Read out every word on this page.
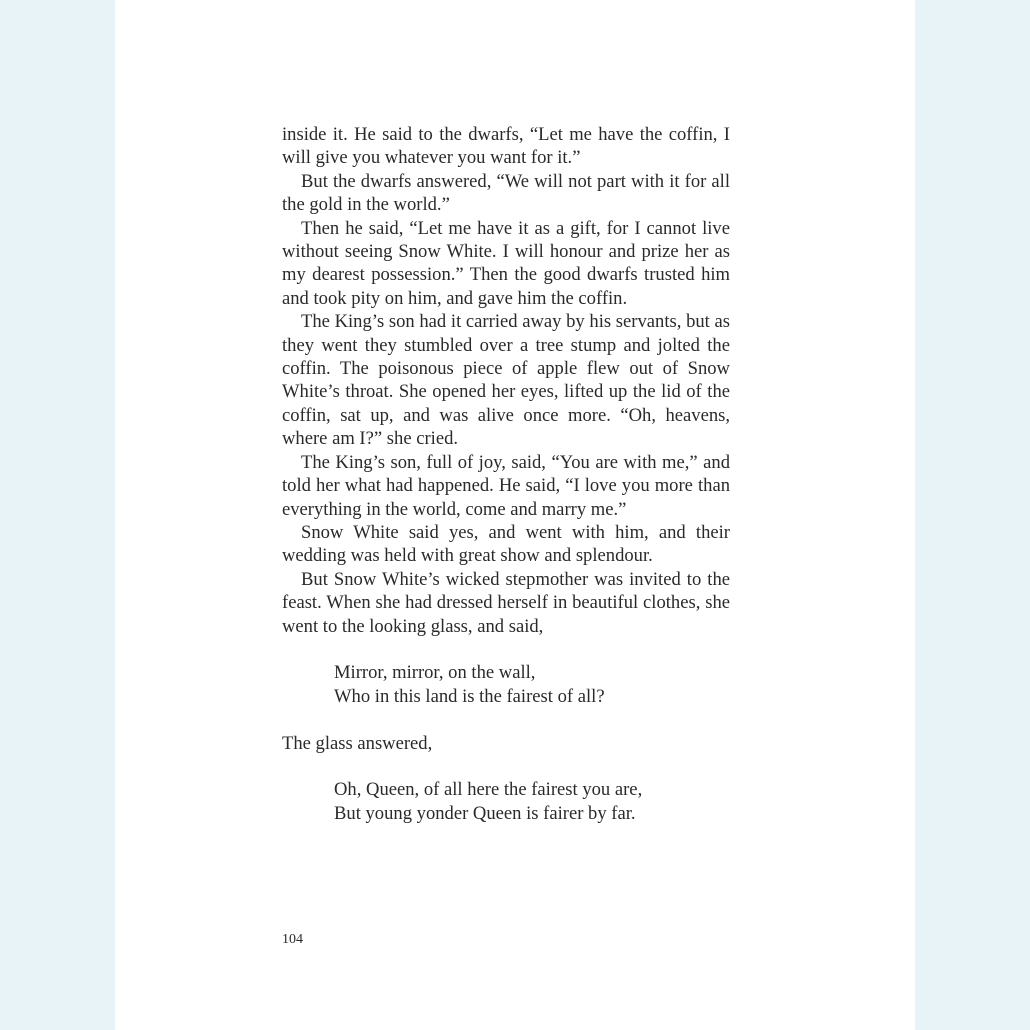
inside it. He said to the dwarfs, “Let me have the coffin, I will give you whatever you want for it.”

But the dwarfs answered, “We will not part with it for all the gold in the world.”

Then he said, “Let me have it as a gift, for I cannot live without seeing Snow White. I will honour and prize her as my dearest possession.” Then the good dwarfs trusted him and took pity on him, and gave him the coffin.

The King’s son had it carried away by his servants, but as they went they stumbled over a tree stump and jolted the coffin. The poisonous piece of apple flew out of Snow White’s throat. She opened her eyes, lifted up the lid of the coffin, sat up, and was alive once more. “Oh, heavens, where am I?” she cried.

The King’s son, full of joy, said, “You are with me,” and told her what had happened. He said, “I love you more than everything in the world, come and marry me.”

Snow White said yes, and went with him, and their wedding was held with great show and splendour.

But Snow White’s wicked stepmother was invited to the feast. When she had dressed herself in beautiful clothes, she went to the looking glass, and said,

Mirror, mirror, on the wall,
Who in this land is the fairest of all?

The glass answered,

Oh, Queen, of all here the fairest you are,
But young yonder Queen is fairer by far.
104
